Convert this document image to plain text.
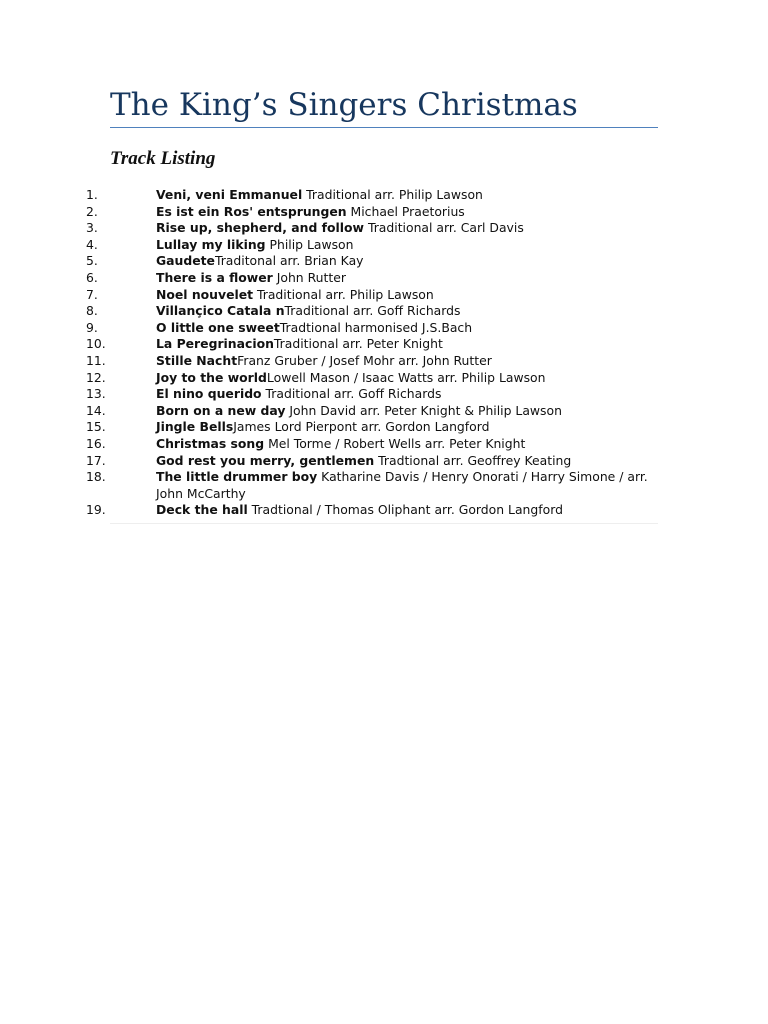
The King’s Singers Christmas
Track Listing
1.	Veni, veni Emmanuel Traditional arr. Philip Lawson
2.	Es ist ein Ros' entsprungen Michael Praetorius
3.	Rise up, shepherd, and follow Traditional arr. Carl Davis
4.	Lullay my liking Philip Lawson
5.	GaudeteTraditonal arr. Brian Kay
6.	There is a flower John Rutter
7.	Noel nouvelet Traditional arr. Philip Lawson
8.	Villançico Catala nTraditional arr. Goff Richards
9.	O little one sweetTradtional harmonised J.S.Bach
10.	La PeregrinacionTraditional arr. Peter Knight
11.	Stille NachtFranz Gruber / Josef Mohr arr. John Rutter
12.	Joy to the worldLowell Mason / Isaac Watts arr. Philip Lawson
13.	El nino querido Traditional arr. Goff Richards
14.	Born on a new day John David arr. Peter Knight & Philip Lawson
15.	Jingle BellsJames Lord Pierpont arr. Gordon Langford
16.	Christmas song Mel Torme / Robert Wells arr. Peter Knight
17.	God rest you merry, gentlemen Tradtional arr. Geoffrey Keating
18.	The little drummer boy Katharine Davis / Henry Onorati / Harry Simone / arr. John McCarthy
19.	Deck the hall Tradtional / Thomas Oliphant arr. Gordon Langford
